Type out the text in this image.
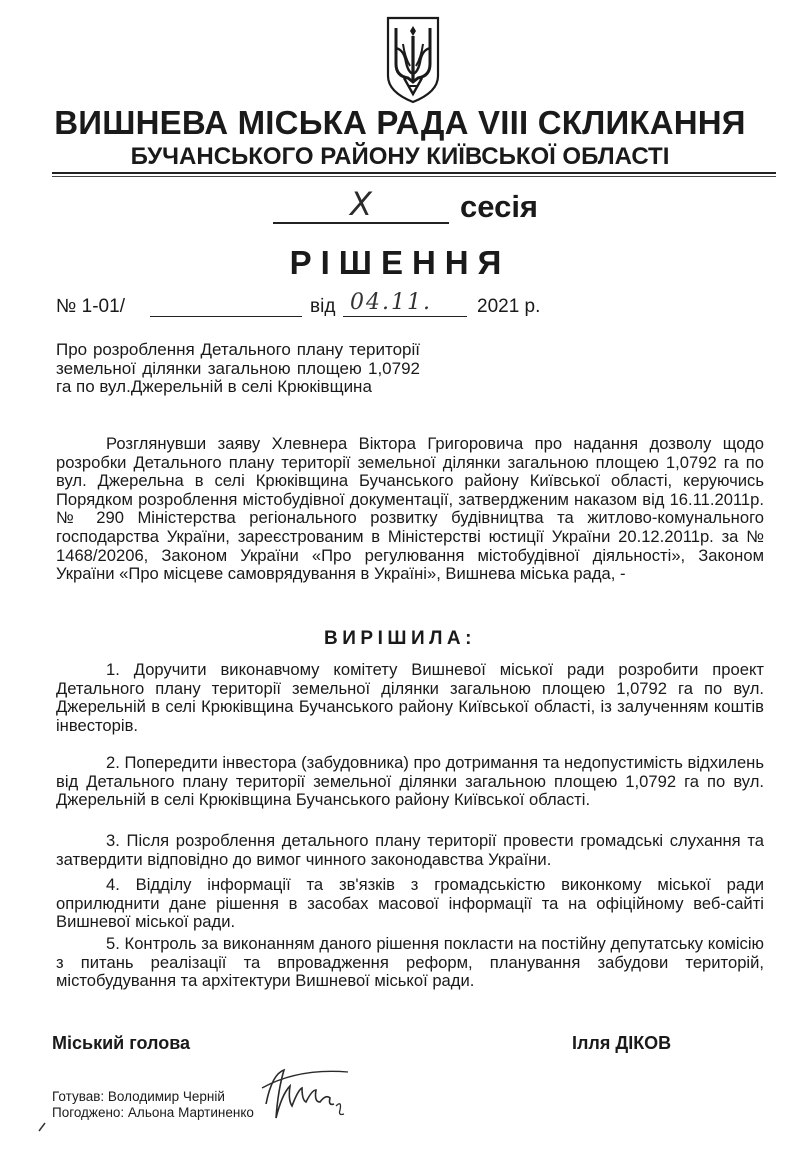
ВИШНЕВА МІСЬКА РАДА VIII СКЛИКАННЯ
БУЧАНСЬКОГО РАЙОНУ КИЇВСЬКОЇ ОБЛАСТІ
X	сесія
РІШЕННЯ
№ 1-01/	від 04.11. 2021 р.
Про розроблення Детального плану території земельної ділянки загальною площею 1,0792 га по вул.Джерельній в селі Крюківщина

Розглянувши заяву Хлевнера Віктора Григоровича про надання дозволу щодо розробки Детального плану території земельної ділянки загальною площею 1,0792 га по вул. Джерельна в селі Крюківщина Бучанського району Київської області, керуючись Порядком розроблення містобудівної документації, затвердженим наказом від 16.11.2011р. № 290 Міністерства регіонального розвитку будівництва та житлово-комунального господарства України, зареєстрованим в Міністерстві юстиції України 20.12.2011р. за № 1468/20206, Законом України «Про регулювання містобудівної діяльності», Законом України «Про місцеве самоврядування в Україні», Вишнева міська рада, -

ВИРІШИЛА:

1. Доручити виконавчому комітету Вишневої міської ради розробити проект Детального плану території земельної ділянки загальною площею 1,0792 га по вул. Джерельній в селі Крюківщина Бучанського району Київської області, із залученням коштів інвесторів.

2. Попередити інвестора (забудовника) про дотримання та недопустимість відхилень від Детального плану території земельної ділянки загальною площею 1,0792 га по вул. Джерельній в селі Крюківщина Бучанського району Київської області.

3. Після розроблення детального плану території провести громадські слухання та затвердити відповідно до вимог чинного законодавства України.

4. Відділу інформації та зв'язків з громадськістю виконкому міської ради оприлюднити дане рішення в засобах масової інформації та на офіційному веб-сайті Вишневої міської ради.

5. Контроль за виконанням даного рішення покласти на постійну депутатську комісію з питань реалізації та впровадження реформ, планування забудови територій, містобудування та архітектури Вишневої міської ради.

Міський голова	Ілля ДІКОВ
Готував: Володимир Черній
Погоджено: Альона Мартиненко
